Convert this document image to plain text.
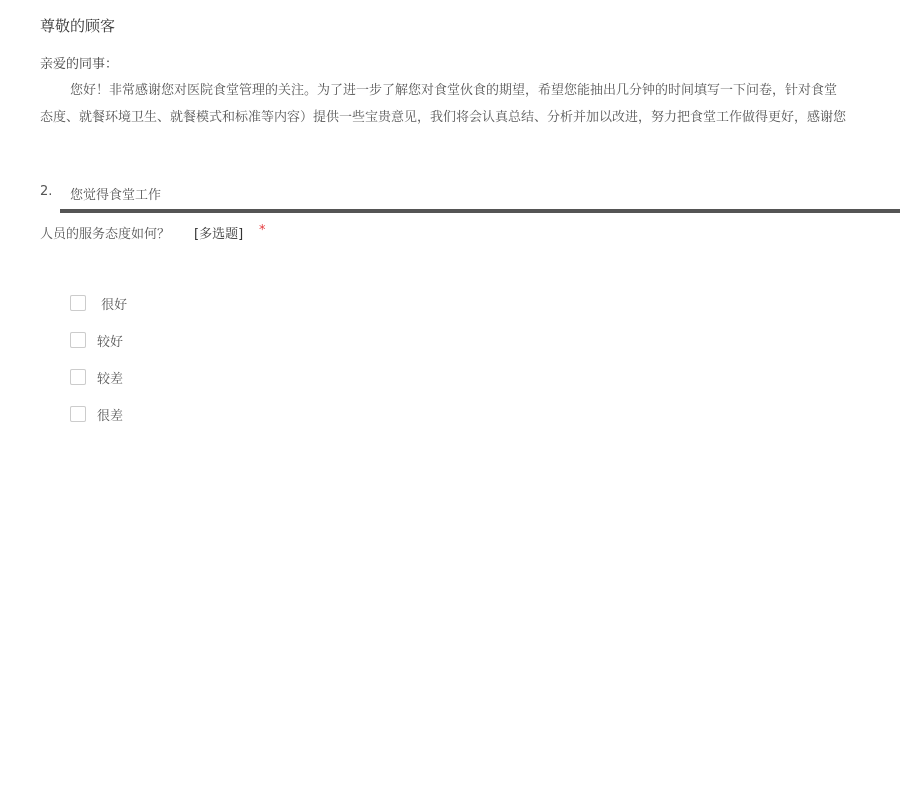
尊敬的顾客
亲爱的同事：
您好！非常感谢您对医院食堂管理的关注。为了进一步了解您对食堂伙食的期望，希望您能抽出几分钟的时间填写一下问卷，针对食堂
态度、就餐环境卫生、就餐模式和标准等内容）提供一些宝贵意见，我们将会认真总结、分析并加以改进，努力把食堂工作做得更好，感谢您
2. 您觉得食堂工作
人员的服务态度如何？ [多选题] *
很好
较好
较差
很差
